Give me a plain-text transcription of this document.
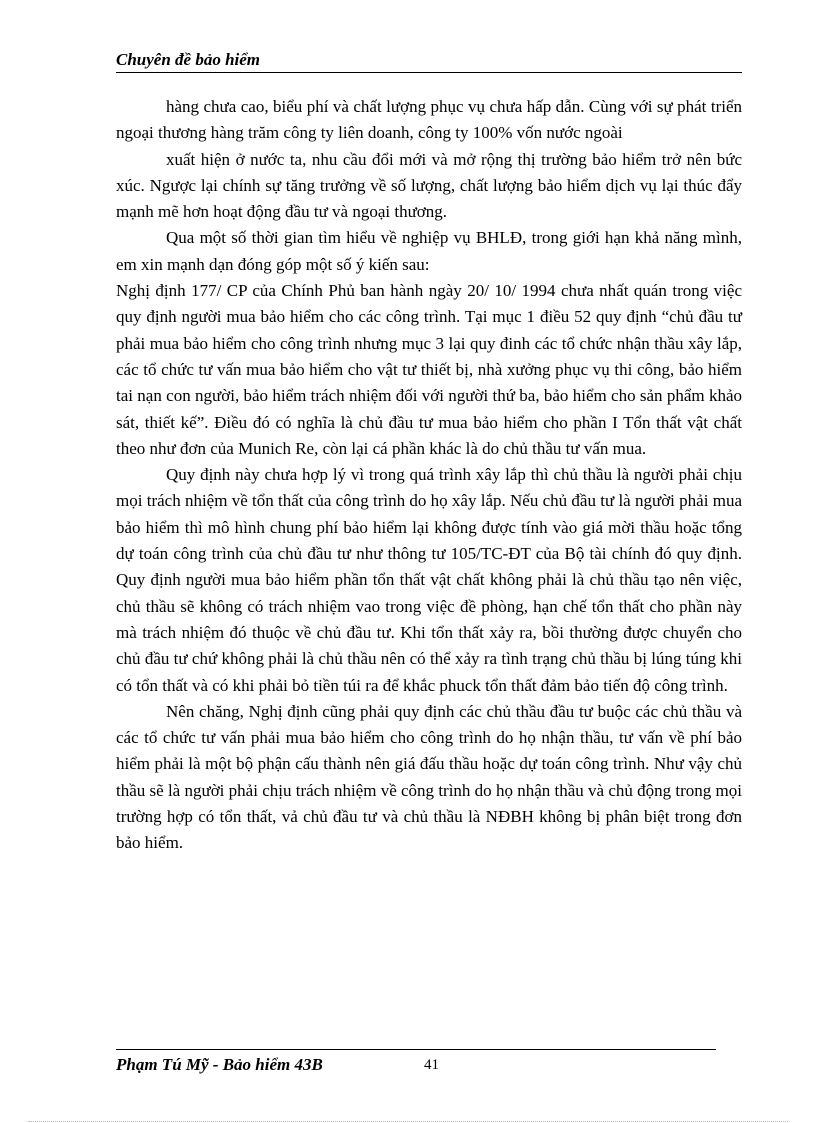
Chuyên đề bảo hiểm

hàng chưa cao, biểu phí và chất lượng phục vụ chưa hấp dẫn. Cùng với sự phát triển ngoại thương hàng trăm công ty liên doanh, công ty 100% vốn nước ngoài

xuất hiện ở nước ta, nhu cầu đổi mới và mở rộng thị trường bảo hiểm trở nên bức xúc. Ngược lại chính sự tăng trưởng về số lượng, chất lượng bảo hiểm dịch vụ lại thúc đẩy mạnh mẽ hơn hoạt động đầu tư và ngoại thương.

Qua một số thời gian tìm hiểu về nghiệp vụ BHLĐ, trong giới hạn khả năng mình, em xin mạnh dạn đóng góp một số ý kiến sau:

Nghị định 177/ CP của Chính Phủ ban hành ngày 20/ 10/ 1994 chưa nhất quán trong việc quy định người mua bảo hiểm cho các công trình. Tại mục 1 điều 52 quy định “chủ đầu tư phải mua bảo hiểm cho công trình nhưng mục 3 lại quy đinh các tổ chức nhận thầu xây lắp, các tổ chức tư vấn mua bảo hiểm cho vật tư thiết bị, nhà xưởng phục vụ thi công, bảo hiểm tai nạn con người, bảo hiểm trách nhiệm đối với người thứ ba, bảo hiểm cho sản phẩm khảo sát, thiết kế”. Điều đó có nghĩa là chủ đầu tư mua bảo hiểm cho phần I Tổn thất vật chất theo như đơn của Munich Re, còn lại cá phần khác là do chủ thầu tư vấn mua.

Quy định này chưa hợp lý vì trong quá trình xây lắp thì chủ thầu là người phải chịu mọi trách nhiệm về tổn thất của công trình do họ xây lắp. Nếu chủ đầu tư là người phải mua bảo hiểm thì mô hình chung phí bảo hiểm lại không được tính vào giá mời thầu hoặc tổng dự toán công trình của chủ đầu tư như thông tư 105/TC-ĐT của Bộ tài chính đó quy định. Quy định người mua bảo hiểm phần tổn thất vật chất không phải là chủ thầu tạo nên việc, chủ thầu sẽ không có trách nhiệm vao trong việc đề phòng, hạn chế tổn thất cho phần này mà trách nhiệm đó thuộc về chủ đầu tư. Khi tổn thất xảy ra, bồi thường được chuyển cho chủ đầu tư chứ không phải là chủ thầu nên có thể xảy ra tình trạng chủ thầu bị lúng túng khi có tổn thất và có khi phải bỏ tiền túi ra để khắc phuck tổn thất đảm bảo tiến độ công trình.

Nên chăng, Nghị định cũng phải quy định các chủ thầu đầu tư buộc các chủ thầu và các tổ chức tư vấn phải mua bảo hiểm cho công trình do họ nhận thầu, tư vấn về phí bảo hiểm phải là một bộ phận cấu thành nên giá đấu thầu hoặc dự toán công trình. Như vậy chủ thầu sẽ là người phải chịu trách nhiệm về công trình do họ nhận thầu và chủ động trong mọi trường hợp có tổn thất, vả chủ đầu tư và chủ thầu là NĐBH không bị phân biệt trong đơn bảo hiểm.

Phạm Tú Mỹ - Bảo hiểm 43B	41
